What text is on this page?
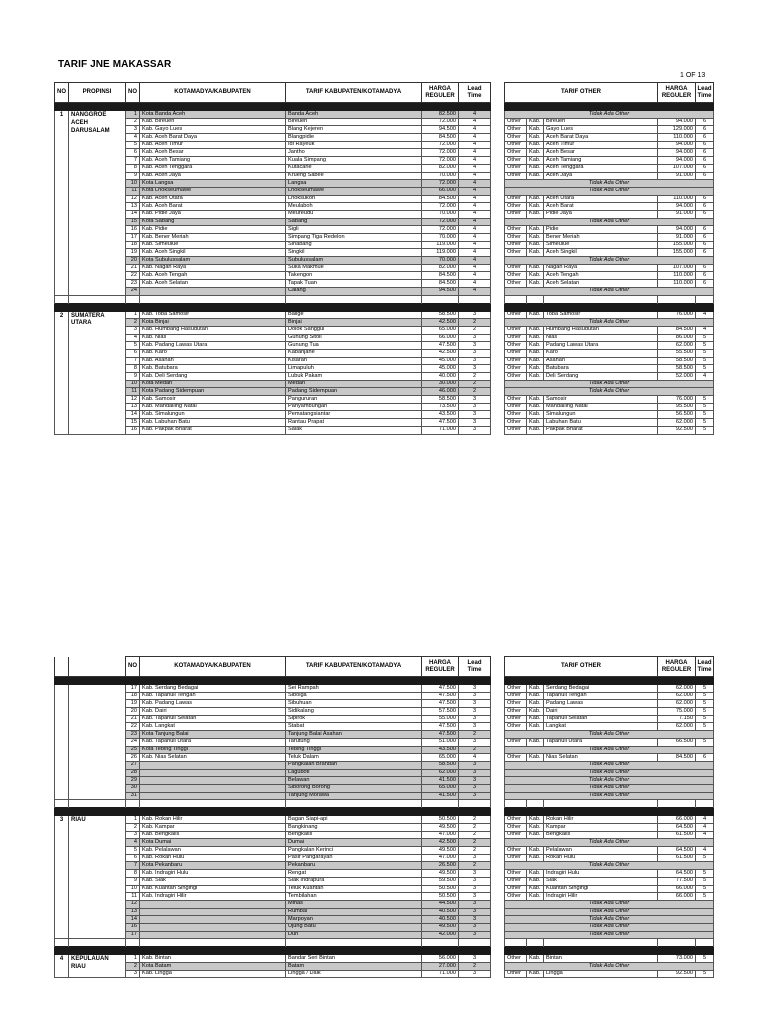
TARIF JNE MAKASSAR
1 OF 13
NO	PROPINSI	NO	KOTAMADYA/KABUPATEN	TARIF KABUPATEN/KOTAMADYA	HARGA REGULER	Lead Time

1	NANGGROE ACEH DARUSALAM	1	Kota Banda Aceh	Banda Aceh	82.500	4
		2	Kab. Bireuen	Bireuen	72.000	4
		3	Kab. Gayo Lues	Blang Kejeren	94.500	4
		4	Kab. Aceh Barat Daya	Blangpidie	84.500	4
		5	Kab. Aceh Timur	Idi Rayeuk	72.000	4
		6	Kab. Aceh Besar	Jantho	72.000	4
		7	Kab. Aceh Tamiang	Kuala Simpang	72.000	4
		8	Kab. Aceh Tenggara	Kutacane	82.000	4
		9	Kab. Aceh Jaya	Krueng Sabee	70.000	4
		10	Kota Langsa	Langsa	72.000	4
		11	Kota Lhokseumawe	Lhokseumawe	66.000	4
		12	Kab. Aceh Utara	Lhoksukon	84.500	4
		13	Kab. Aceh Barat	Meulaboh	72.000	4
		14	Kab. Pidie Jaya	Meureudu	70.000	4
		15	Kota Sabang	Sabang	72.000	4
		16	Kab. Pidie	Sigli	72.000	4
		17	Kab. Bener Meriah	Simpang Tiga Redelon	70.000	4
		18	Kab. Simeulue	Sinabang	119.000	4
		19	Kab. Aceh Singkil	Singkil	119.000	4
		20	Kota Subulussalam	Subulussalam	70.000	4
		21	Kab. Nagan Raya	Suka Makmue	82.000	4
		22	Kab. Aceh Tengah	Takengon	84.500	4
		23	Kab. Aceh Selatan	Tapak Tuan	84.500	4
		24		Calang	94.500	4

2	SUMATERA UTARA	1	Kab. Toba Samosir	Balige	58.500	3
		2	Kota Binjai	Binjai	42.500	2
		3	Kab. Humbang Hasudutan	Dolok Sanggul	65.000	2
		4	Kab. Nias	Gunung Sitoli	66.000	3
		5	Kab. Padang Lawas Utara	Gunung Tua	47.500	3
		6	Kab. Karo	Kabanjahe	42.500	3
		7	Kab. Asahan	Kisaran	45.000	3
		8	Kab. Batubara	Limapuluh	45.000	3
		9	Kab. Deli Serdang	Lubuk Pakam	40.000	2
		10	Kota Medan	Medan	30.000	2
		11	Kota Padang Sidempuan	Padang Sidempuan	46.000	2
		12	Kab. Samosir	Pangururan	58.500	3
		13	Kab. Mandailing Natal	Panyambungan	73.500	3
		14	Kab. Simalungun	Pematangsiantar	43.500	3
		15	Kab. Labuhan Batu	Rantau Prapat	47.500	3
		16	Kab. Pakpak Bharat	Salak	71.000	3
TARIF OTHER			HARGA REGULER	Lead Time

Tidak Ada Other				
Other	Kab.	Bireuen	94.000	6
Other	Kab.	Gayo Lues	129.000	6
Other	Kab.	Aceh Barat Daya	110.000	6
Other	Kab.	Aceh Timur	94.000	6
Other	Kab.	Aceh Besar	94.000	6
Other	Kab.	Aceh Tamiang	94.000	6
Other	Kab.	Aceh Tenggara	107.000	6
Other	Kab.	Aceh Jaya	91.000	6
Tidak Ada Other				
Tidak Ada Other				
Other	Kab.	Aceh Utara	110.000	6
Other	Kab.	Aceh Barat	94.000	6
Other	Kab.	Pidie Jaya	91.000	6
Tidak Ada Other				
Other	Kab.	Pidie	94.000	6
Other	Kab.	Bener Meriah	91.000	6
Other	Kab.	Simeulue	155.000	6
Other	Kab.	Aceh Singkil	155.000	6
Tidak Ada Other				
Other	Kab.	Nagan Raya	107.000	6
Other	Kab.	Aceh Tengah	110.000	6
Other	Kab.	Aceh Selatan	110.000	6
Tidak Ada Other				

Other	Kab.	Toba Samosir	76.000	4
Tidak Ada Other				
Other	Kab.	Humbang Hasudutan	84.500	4
Other	Kab.	Nias	86.000	5
Other	Kab.	Padang Lawas Utara	62.000	5
Other	Kab.	Karo	55.500	5
Other	Kab.	Asahan	58.500	5
Other	Kab.	Batubara	58.500	5
Other	Kab.	Deli Serdang	52.000	4
Tidak Ada Other				
Tidak Ada Other				
Other	Kab.	Samosir	76.000	5
Other	Kab.	Mandailing Natal	95.500	5
Other	Kab.	Simalungun	56.500	5
Other	Kab.	Labuhan Batu	62.000	5
Other	Kab.	Pakpak Bharat	92.500	5
		NO	KOTAMADYA/KABUPATEN	TARIF KABUPATEN/KOTAMADYA	HARGA REGULER	Lead Time

		17	Kab. Serdang Bedagai	Sei Rampah	47.500	3
		18	Kab. Tapanuli Tengah	Sibolga	47.500	3
		19	Kab. Padang Lawas	Sibuhuan	47.500	3
		20	Kab. Dairi	Sidikalang	57.500	3
		21	Kab. Tapanuli Selatan	Sipirok	55.000	3
		22	Kab. Langkat	Stabat	47.500	3
		23	Kota Tanjung Balai	Tanjung Balai Asahan	47.500	2
		24	Kab. Tapanuli Utara	Tarutung	51.000	3
		25	Kota Tebing Tinggi	Tebing Tinggi	43.500	2
		26	Kab. Nias Selatan	Teluk Dalam	65.000	4
		27		Pangkalan Brandan	58.500	3
		28		Laguboti	62.000	3
		29		Belawan	41.500	3
		30		Siborong Borong	65.000	3
		31		Tanjung Morawa	41.500	3

3	RIAU	1	Kab. Rokan Hilir	Bagan Siapi-api	50.500	2
		2	Kab. Kampar	Bangkinang	49.500	2
		3	Kab. Bengkalis	Bengkalis	47.000	2
		4	Kota Dumai	Dumai	42.500	2
		5	Kab. Pelalawan	Pangkalan Kerinci	49.500	2
		6	Kab. Rokan Hulu	Pasir Pangarayan	47.000	3
		7	Kota Pekanbaru	Pekanbaru	26.500	2
		8	Kab. Indragiri Hulu	Rengat	49.500	3
		9	Kab. Siak	Siak Indrapura	59.500	3
		10	Kab. Kuantan Singingi	Teluk Kuantan	50.500	3
		11	Kab. Indragiri Hilir	Tembilahan	50.500	3
		12		Minas	44.500	3
		13		Rumbai	40.500	3
		14		Marpoyan	40.500	3
		16		Ujung Batu	49.500	3
		17		Duri	42.000	3

4	KEPULAUAN RIAU	1	Kab. Bintan	Bandar Seri Bintan	56.000	3
		2	Kota Batam	Batam	27.000	2
		3	Kab. Lingga	Lingga / Daik	71.000	3
TARIF OTHER			HARGA REGULER	Lead Time

Other	Kab.	Serdang Bedagai	62.000	5
Other	Kab.	Tapanuli Tengah	62.000	5
Other	Kab.	Padang Lawas	62.000	5
Other	Kab.	Dairi	75.000	5
Other	Kab.	Tapanuli Selatan	7.150	5
Other	Kab.	Langkat	62.000	5
Tidak Ada Other				
Other	Kab.	Tapanuli Utara	66.500	5
Tidak Ada Other				
Other	Kab.	Nias Selatan	84.500	6
Tidak Ada Other				
Tidak Ada Other				
Tidak Ada Other				
Tidak Ada Other				
Tidak Ada Other				

Other	Kab.	Rokan Hilir	66.000	4
Other	Kab.	Kampar	64.500	4
Other	Kab.	Bengkalis	61.500	4
Tidak Ada Other				
Other	Kab.	Pelalawan	64.500	4
Other	Kab.	Rokan Hulu	61.500	5
Tidak Ada Other				
Other	Kab.	Indragiri Hulu	64.500	5
Other	Kab.	Siak	77.500	5
Other	Kab.	Kuantan Singingi	66.000	5
Other	Kab.	Indragiri Hilir	66.000	5
Tidak Ada Other				
Tidak Ada Other				
Tidak Ada Other				
Tidak Ada Other				
Tidak Ada Other				

Other	Kab.	Bintan	73.000	5
Tidak Ada Other				
Other	Kab.	Lingga	92.500	5
